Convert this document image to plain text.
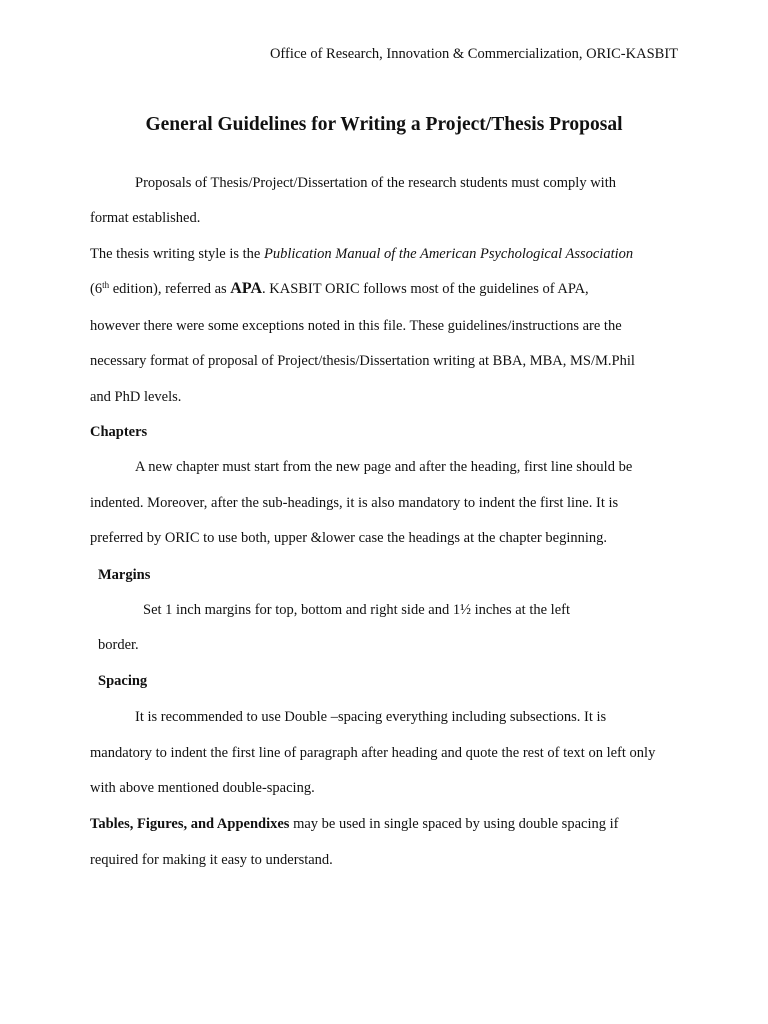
Office of Research, Innovation & Commercialization, ORIC-KASBIT
General Guidelines for Writing a Project/Thesis Proposal
Proposals of Thesis/Project/Dissertation of the research students must comply with
format established.
The thesis writing style is the Publication Manual of the American Psychological Association
(6th edition), referred as APA. KASBIT ORIC follows most of the guidelines of APA,
however there were some exceptions noted in this file. These guidelines/instructions are the
necessary format of proposal of Project/thesis/Dissertation writing at BBA, MBA, MS/M.Phil
and PhD levels.
Chapters
A new chapter must start from the new page and after the heading, first line should be
indented. Moreover, after the sub-headings, it is also mandatory to indent the first line. It is
preferred by ORIC to use both, upper &lower case the headings at the chapter beginning.
Margins
Set 1 inch margins for top, bottom and right side and 1½ inches at the left
border.
Spacing
It is recommended to use Double –spacing everything including subsections. It is
mandatory to indent the first line of paragraph after heading and quote the rest of text on left only
with above mentioned double-spacing.
Tables, Figures, and Appendixes may be used in single spaced by using double spacing if
required for making it easy to understand.
